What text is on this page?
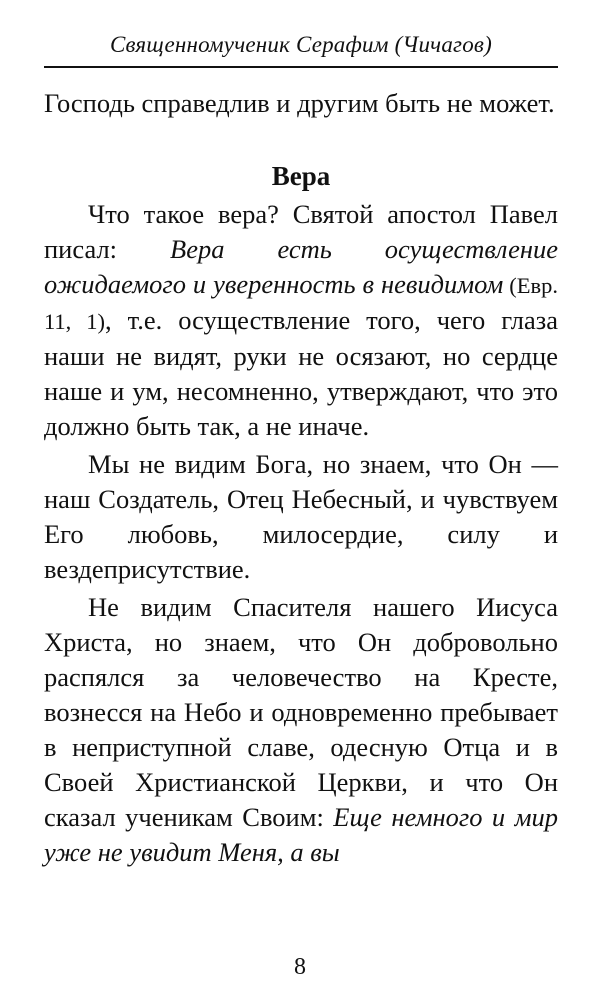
Священномученик Серафим (Чичагов)

Господь справедлив и другим быть не может.

Вера

Что такое вера? Святой апостол Павел писал: Вера есть осуществление ожидаемого и уверенность в невидимом (Евр. 11, 1), т.е. осуществление того, чего глаза наши не видят, руки не осязают, но сердце наше и ум, несомненно, утверждают, что это должно быть так, а не иначе.

Мы не видим Бога, но знаем, что Он — наш Создатель, Отец Небесный, и чувствуем Его любовь, милосердие, силу и вездеприсутствие.

Не видим Спасителя нашего Иисуса Христа, но знаем, что Он добровольно распялся за человечество на Кресте, вознесся на Небо и одновременно пребывает в неприступной славе, одесную Отца и в Своей Христианской Церкви, и что Он сказал ученикам Своим: Еще немного и мир уже не увидит Меня, а вы

8
